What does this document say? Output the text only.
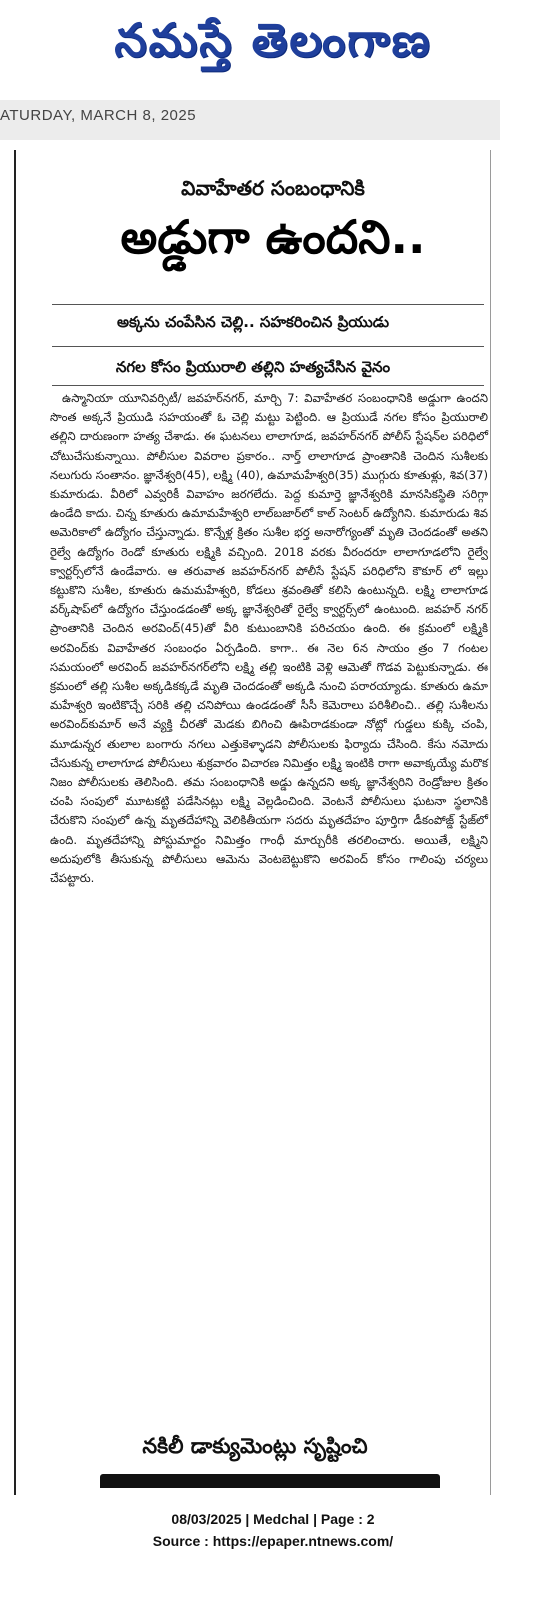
నమస్తే తెలంగాణ
ATURDAY, MARCH 8, 2025
వివాహేతర సంబంధానికి
అడ్డుగా ఉందని..
అక్కను చంపేసిన చెల్లి.. సహకరించిన ప్రియుడు
నగల కోసం ప్రియురాలి తల్లిని హత్యచేసిన వైనం

ఉస్మానియా యూనివర్సిటీ/ జవహర్‌నగర్, మార్చి 7: వివాహేతర సంబంధానికి అడ్డుగా ఉందని సొంత అక్కనే ప్రియుడి సహయంతో ఓ చెల్లి మట్టు పెట్టింది. ఆ ప్రియుడే నగల కోసం ప్రియురాలి తల్లిని దారుణంగా హత్య చేశాడు. ఈ ఘటనలు లాలాగూడ, జవహర్‌నగర్ పోలీస్ స్టేషన్‌ల పరిధిలో చోటుచేసుకున్నాయి. పోలీసుల వివరాల ప్రకారం.. నార్త్ లాలాగూడ ప్రాంతానికి చెందిన సుశీలకు నలుగురు సంతానం. జ్ఞానేశ్వరి(45), లక్ష్మి (40), ఉమామహేశ్వరి(35) ముగ్గురు కూతుళ్లు, శివ(37) కుమారుడు. వీరిలో ఎవ్వరికీ వివాహం జరగలేదు. పెద్ద కుమార్తె జ్ఞానేశ్వరికి మానసికస్థితి సరిగ్గా ఉండేది కాదు. చిన్న కూతురు ఉమామహేశ్వరి లాల్‌బజార్‌లో కాల్ సెంటర్ ఉద్యోగిని. కుమారుడు శివ అమెరికాలో ఉద్యోగం చేస్తున్నాడు. కొన్నేళ్ల క్రితం సుశీల భర్త అనారోగ్యంతో మృతి చెందడంతో అతని రైల్వే ఉద్యోగం రెండో కూతురు లక్ష్మికి వచ్చింది. 2018 వరకు వీరందరూ లాలాగూడలోని రైల్వే క్వార్టర్స్‌లోనే ఉండేవారు. ఆ తరువాత జవహర్‌నగర్ పోలీసే స్టేషన్ పరిధిలోని కౌకూర్ లో ఇల్లు కట్టుకొని సుశీల, కూతురు ఉమమహేశ్వరి, కోడలు శ్రవంతితో కలిసి ఉంటున్నది. లక్ష్మి లాలాగూడ వర్క్‌షాప్‌లో ఉద్యోగం చేస్తుండడంతో అక్క జ్ఞానేశ్వరితో రైల్వే క్వార్టర్స్‌లో ఉంటుంది. జవహర్ నగర్ ప్రాంతానికి చెందిన అరవింద్(45)తో వీరి కుటుంబానికి పరిచయం ఉంది. ఈ క్రమంలో లక్ష్మికి అరవింద్‌కు వివాహేతర సంబంధం ఏర్పడింది. కాగా.. ఈ నెల 6న సాయం త్రం 7 గంటల సమయంలో అరవింద్ జవహర్‌నగర్‌లోని లక్ష్మి తల్లి ఇంటికి వెళ్లి ఆమెతో గొడవ పెట్టుకున్నాడు. ఈ క్రమంలో తల్లి సుశీల అక్కడికక్కడే మృతి చెందడంతో అక్కడి నుంచి పరారయ్యాడు. కూతురు ఉమా మహేశ్వరి ఇంటికొచ్చే సరికి తల్లి చనిపోయి ఉండడంతో సీసీ కెమెరాలు పరిశీలించి.. తల్లి సుశీలను అరవింద్‌కుమార్ అనే వ్యక్తి చీరతో మెడకు బిగించి ఊపిరాడకుండా నోట్లో గుడ్డలు కుక్కి చంపి, మూడున్నర తులాల బంగారు నగలు ఎత్తుకెళ్ళాడని పోలీసులకు ఫిర్యాదు చేసింది. కేసు నమోదు చేసుకున్న లాలాగూడ పోలీసులు శుక్రవారం విచారణ నిమిత్తం లక్ష్మి ఇంటికి రాగా అవాక్కయ్యే మరొక నిజం పోలీసులకు తెలిసింది. తమ సంబంధానికి అడ్డు ఉన్నదని అక్క జ్ఞానేశ్వరిని రెండ్రోజుల క్రితం చంపి సంపులో మూటకట్టి పడేసినట్లు లక్ష్మి వెల్లడించింది. వెంటనే పోలీసులు ఘటనా స్థలానికి చేరుకొని సంపులో ఉన్న మృతదేహాన్ని వెలికితీయగా సదరు మృతదేహం పూర్తిగా డీకంపోజ్డ్ స్టేజ్‌లో ఉంది. మృతదేహాన్ని పోస్టుమార్టం నిమిత్తం గాంధీ మార్చురీకి తరలించారు. అయితే, లక్ష్మిని అదుపులోకి తీసుకున్న పోలీసులు ఆమెను వెంటబెట్టుకొని అరవింద్ కోసం గాలింపు చర్యలు చేపట్టారు.

నకిలీ డాక్యుమెంట్లు సృష్టించి
08/03/2025 | Medchal | Page : 2
Source : https://epaper.ntnews.com/
